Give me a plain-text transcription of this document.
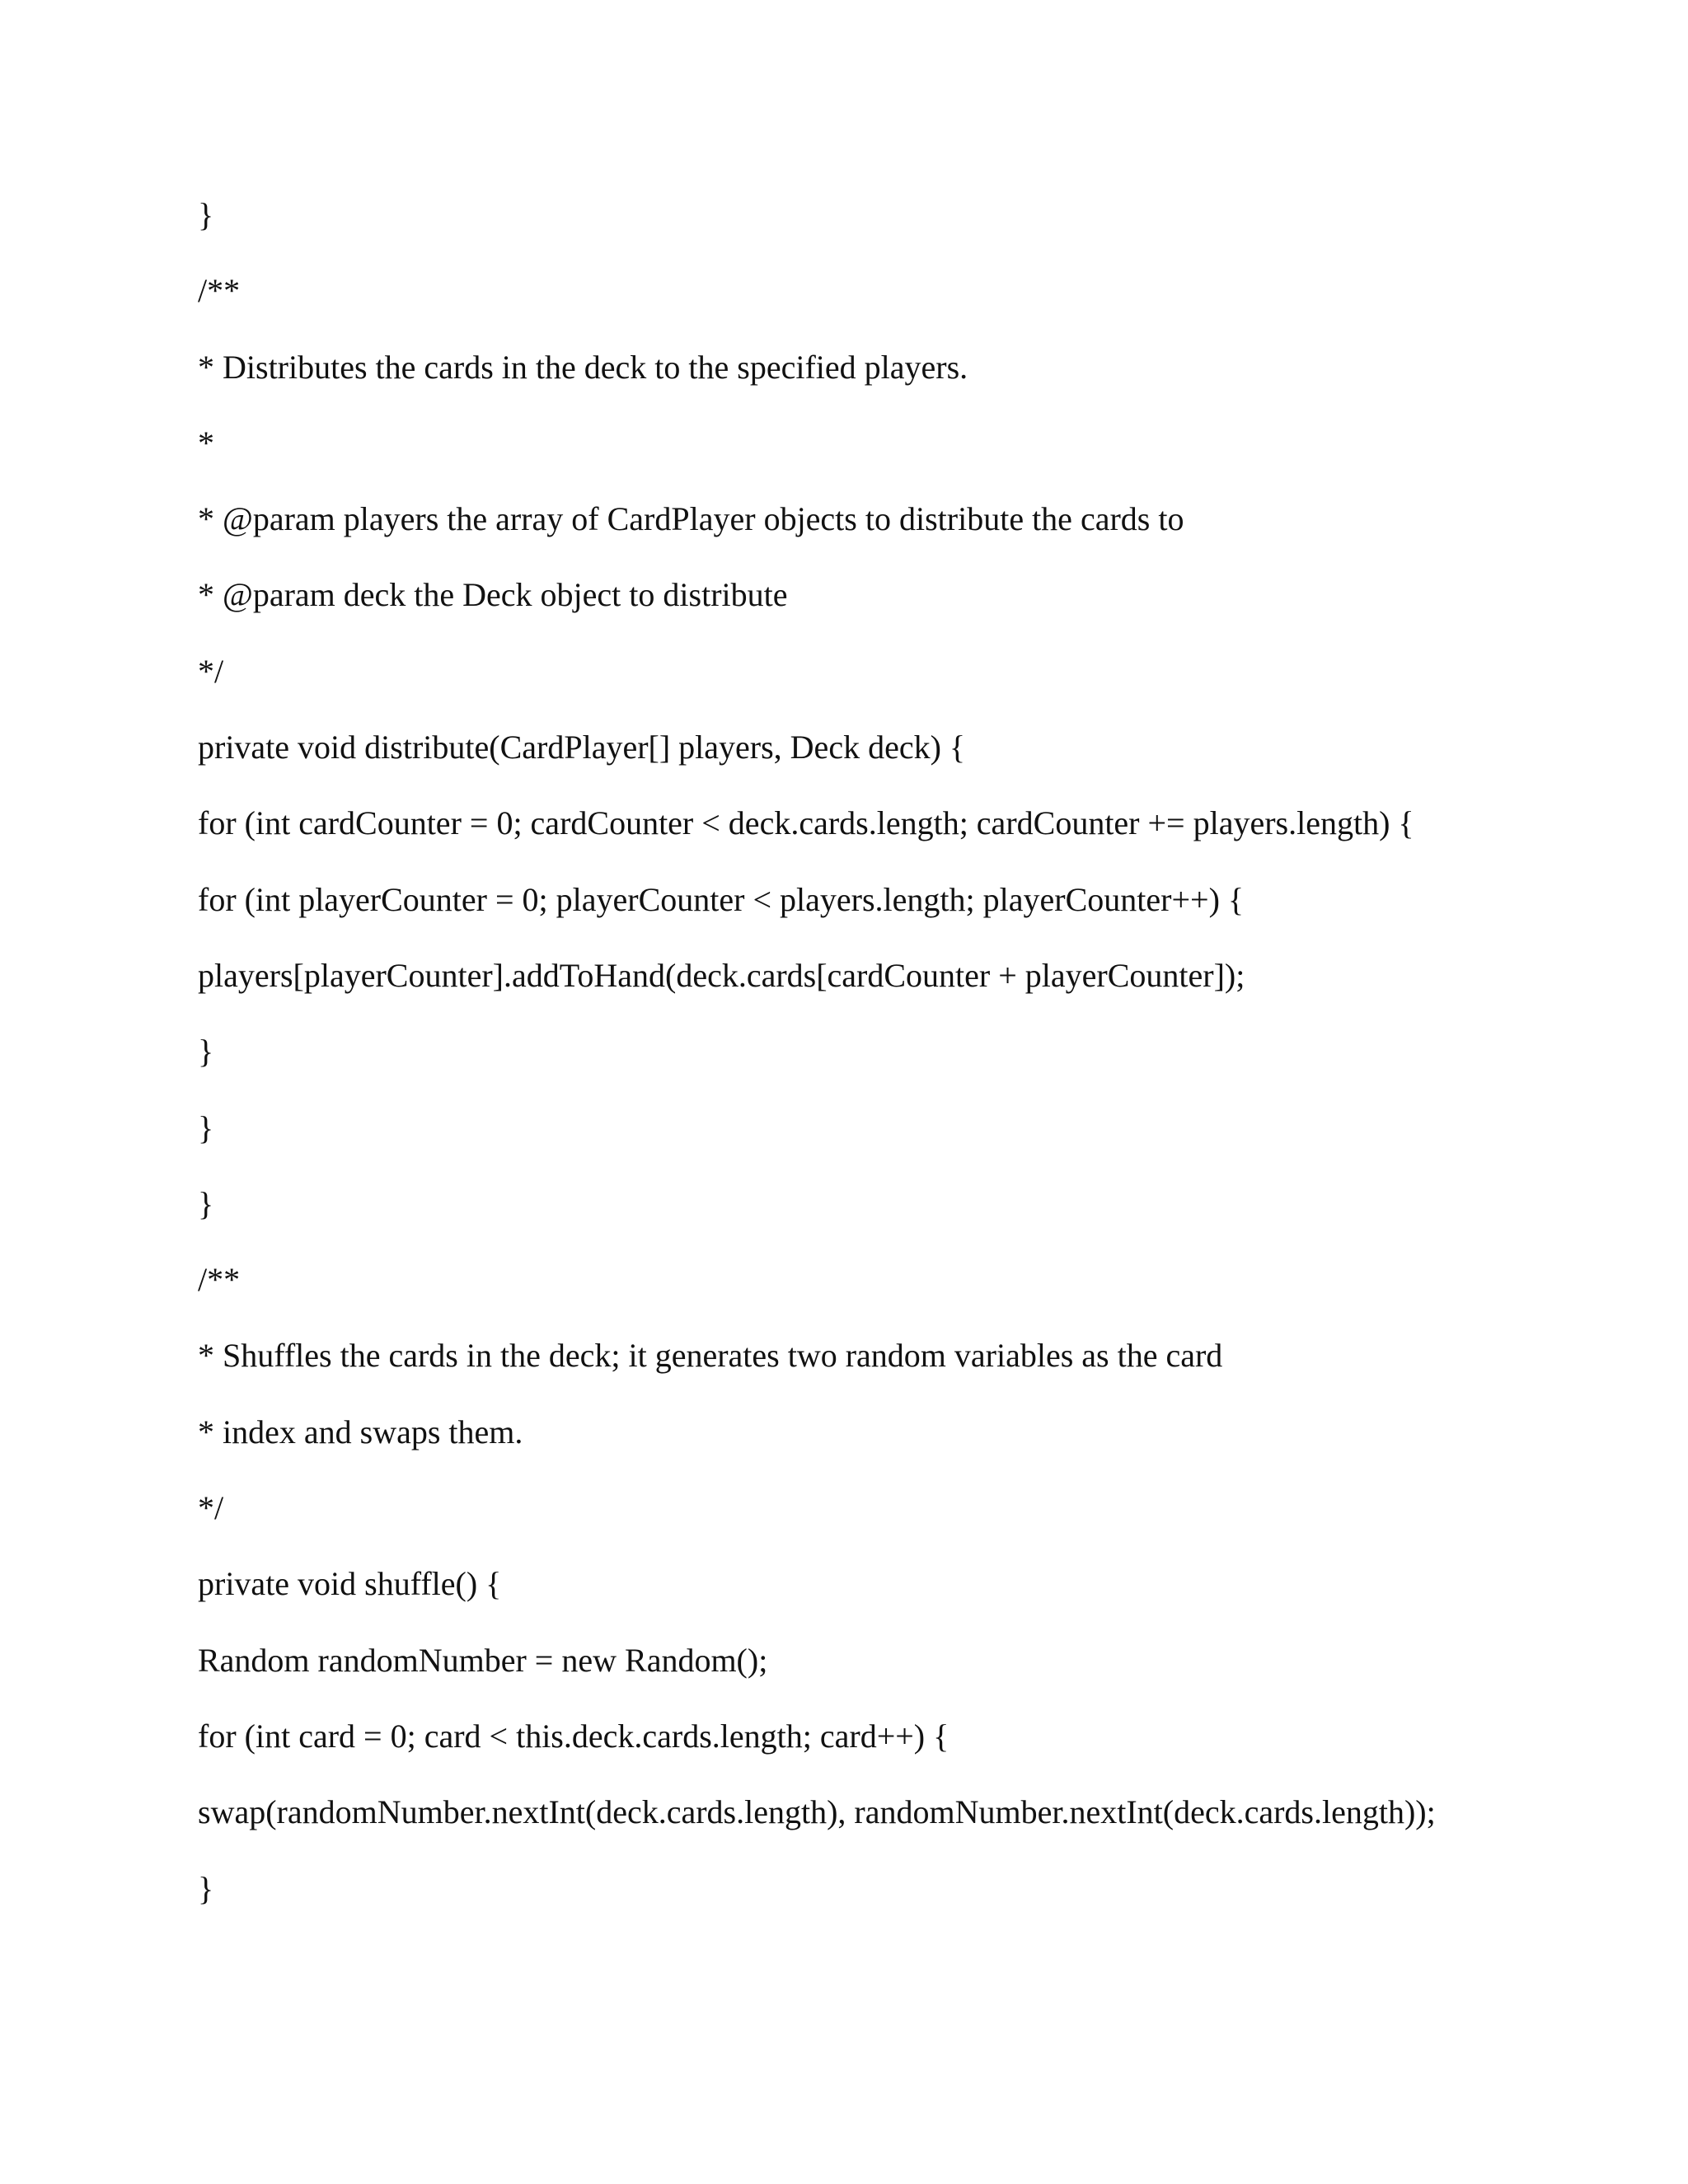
}
/**
* Distributes the cards in the deck to the specified players.
*
* @param players the array of CardPlayer objects to distribute the cards to
* @param deck the Deck object to distribute
*/
private void distribute(CardPlayer[] players, Deck deck) {
for (int cardCounter = 0; cardCounter < deck.cards.length; cardCounter += players.length) {
for (int playerCounter = 0; playerCounter < players.length; playerCounter++) {
players[playerCounter].addToHand(deck.cards[cardCounter + playerCounter]);
}
}
}
/**
* Shuffles the cards in the deck; it generates two random variables as the card
* index and swaps them.
*/
private void shuffle() {
Random randomNumber = new Random();
for (int card = 0; card < this.deck.cards.length; card++) {
swap(randomNumber.nextInt(deck.cards.length), randomNumber.nextInt(deck.cards.length));
}
